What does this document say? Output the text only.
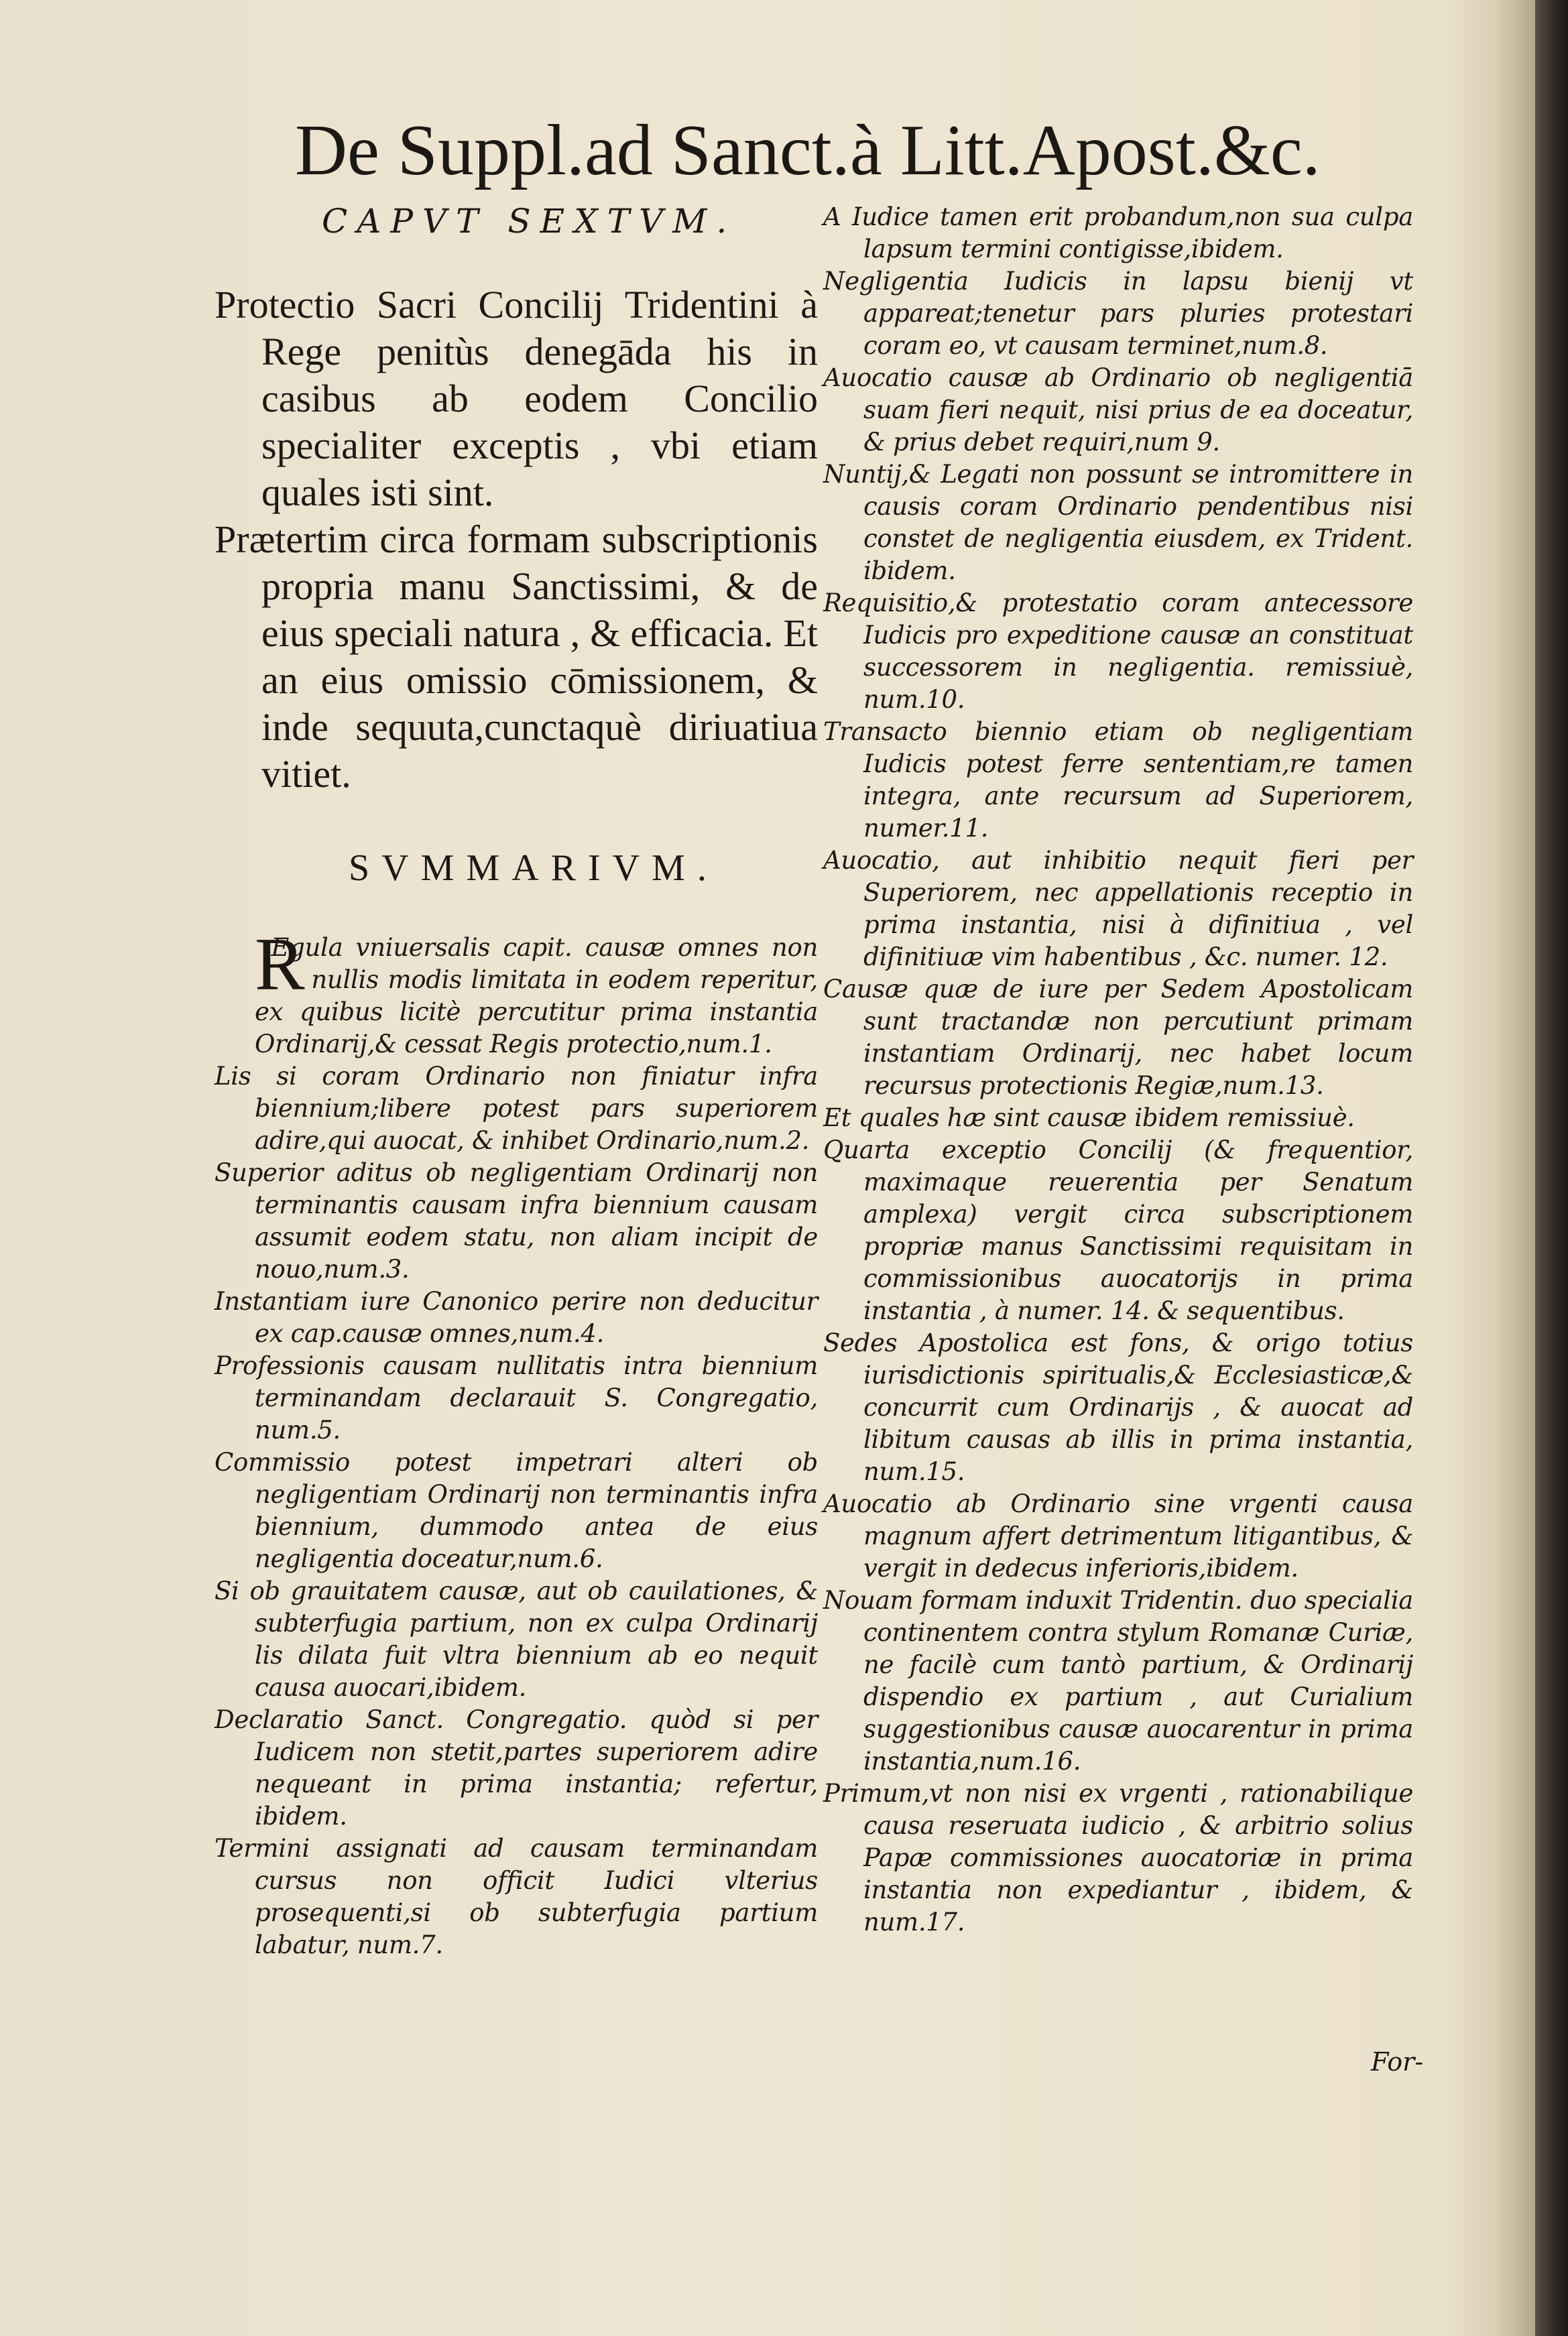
De Suppl.ad Sanct.à Litt.Apost.&c.
CAPVT SEXTVM.

Protectio Sacri Concilij Tridentini à Rege penitùs denegāda his in casibus ab eodem Concilio specialiter exceptis , vbi etiam quales isti sint.

Prætertim circa formam subscriptionis propria manu Sanctissimi, & de eius speciali natura , & efficacia. Et an eius omissio cōmissionem, & inde sequuta,cunctaquè diriuatiua vitiet.

SVMMARIVM.

R
Egula vniuersalis capit. causæ omnes non nullis modis limitata in eodem reperitur, ex quibus licitè percutitur prima instantia Ordinarij,& cessat Regis protectio,num.1.

Lis si coram Ordinario non finiatur infra biennium;libere potest pars superiorem adire,qui auocat, & inhibet Ordinario,num.2.

Superior aditus ob negligentiam Ordinarij non terminantis causam infra biennium causam assumit eodem statu, non aliam incipit de nouo,num.3.

Instantiam iure Canonico perire non deducitur ex cap.causæ omnes,num.4.

Professionis causam nullitatis intra biennium terminandam declarauit S. Congregatio, num.5.

Commissio potest impetrari alteri ob negligentiam Ordinarij non terminantis infra biennium, dummodo antea de eius negligentia doceatur,num.6.

Si ob grauitatem causæ, aut ob cauilationes, & subterfugia partium, non ex culpa Ordinarij lis dilata fuit vltra biennium ab eo nequit causa auocari,ibidem.

Declaratio Sanct. Congregatio. quòd si per Iudicem non stetit,partes superiorem adire nequeant in prima instantia; refertur, ibidem.

Termini assignati ad causam terminandam cursus non officit Iudici vlterius prosequenti,si ob subterfugia partium labatur, num.7.

A Iudice tamen erit probandum,non sua culpa lapsum termini contigisse,ibidem.

Negligentia Iudicis in lapsu bienij vt appareat;tenetur pars pluries protestari coram eo, vt causam terminet,num.8.

Auocatio causæ ab Ordinario ob negligentiā suam fieri nequit, nisi prius de ea doceatur, & prius debet requiri,num 9.

Nuntij,& Legati non possunt se intromittere in causis coram Ordinario pendentibus nisi constet de negligentia eiusdem, ex Trident. ibidem.

Requisitio,& protestatio coram antecessore Iudicis pro expeditione causæ an constituat successorem in negligentia. remissiuè, num.10.

Transacto biennio etiam ob negligentiam Iudicis potest ferre sententiam,re tamen integra, ante recursum ad Superiorem, numer.11.

Auocatio, aut inhibitio nequit fieri per Superiorem, nec appellationis receptio in prima instantia, nisi à difinitiua , vel difinitiuæ vim habentibus , &c. numer. 12.

Causæ quæ de iure per Sedem Apostolicam sunt tractandæ non percutiunt primam instantiam Ordinarij, nec habet locum recursus protectionis Regiæ,num.13.

Et quales hæ sint causæ ibidem remissiuè.

Quarta exceptio Concilij (& frequentior, maximaque reuerentia per Senatum amplexa) vergit circa subscriptionem propriæ manus Sanctissimi requisitam in commissionibus auocatorijs in prima instantia , à numer. 14. & sequentibus.

Sedes Apostolica est fons, & origo totius iurisdictionis spiritualis,& Ecclesiasticæ,& concurrit cum Ordinarijs , & auocat ad libitum causas ab illis in prima instantia, num.15.

Auocatio ab Ordinario sine vrgenti causa magnum affert detrimentum litigantibus, & vergit in dedecus inferioris,ibidem.

Nouam formam induxit Tridentin. duo specialia continentem contra stylum Romanæ Curiæ, ne facilè cum tantò partium, & Ordinarij dispendio ex partium , aut Curialium suggestionibus causæ auocarentur in prima instantia,num.16.

Primum,vt non nisi ex vrgenti , rationabilique causa reseruata iudicio , & arbitrio solius Papæ commissiones auocatoriæ in prima instantia non expediantur , ibidem, & num.17.

For-
